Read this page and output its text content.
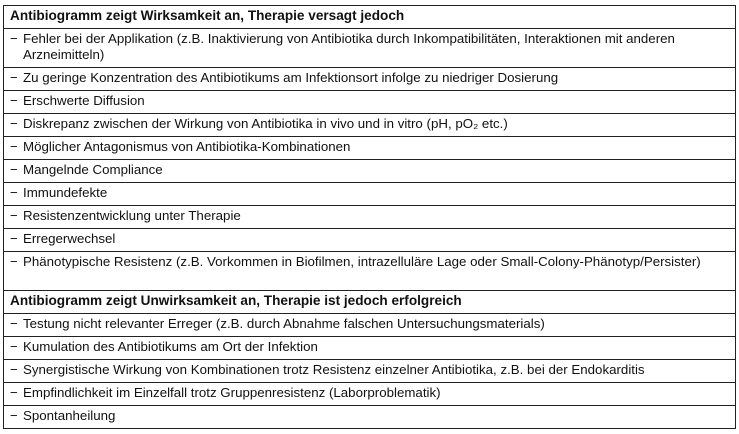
Antibiogramm zeigt Wirksamkeit an, Therapie versagt jedoch

− Fehler bei der Applikation (z.B. Inaktivierung von Antibiotika durch Inkompatibilitäten, Interaktionen mit anderen Arzneimitteln)

− Zu geringe Konzentration des Antibiotikums am Infektionsort infolge zu niedriger Dosierung

− Erschwerte Diffusion

− Diskrepanz zwischen der Wirkung von Antibiotika in vivo und in vitro (pH, pO₂ etc.)

− Möglicher Antagonismus von Antibiotika-Kombinationen

− Mangelnde Compliance

− Immundefekte

− Resistenzentwicklung unter Therapie

− Erregerwechsel

− Phänotypische Resistenz (z.B. Vorkommen in Biofilmen, intrazelluläre Lage oder Small-Colony-Phänotyp/Persister)

Antibiogramm zeigt Unwirksamkeit an, Therapie ist jedoch erfolgreich

− Testung nicht relevanter Erreger (z.B. durch Abnahme falschen Untersuchungsmaterials)

− Kumulation des Antibiotikums am Ort der Infektion

− Synergistische Wirkung von Kombinationen trotz Resistenz einzelner Antibiotika, z.B. bei der Endokarditis

− Empfindlichkeit im Einzelfall trotz Gruppenresistenz (Laborproblematik)

− Spontanheilung
